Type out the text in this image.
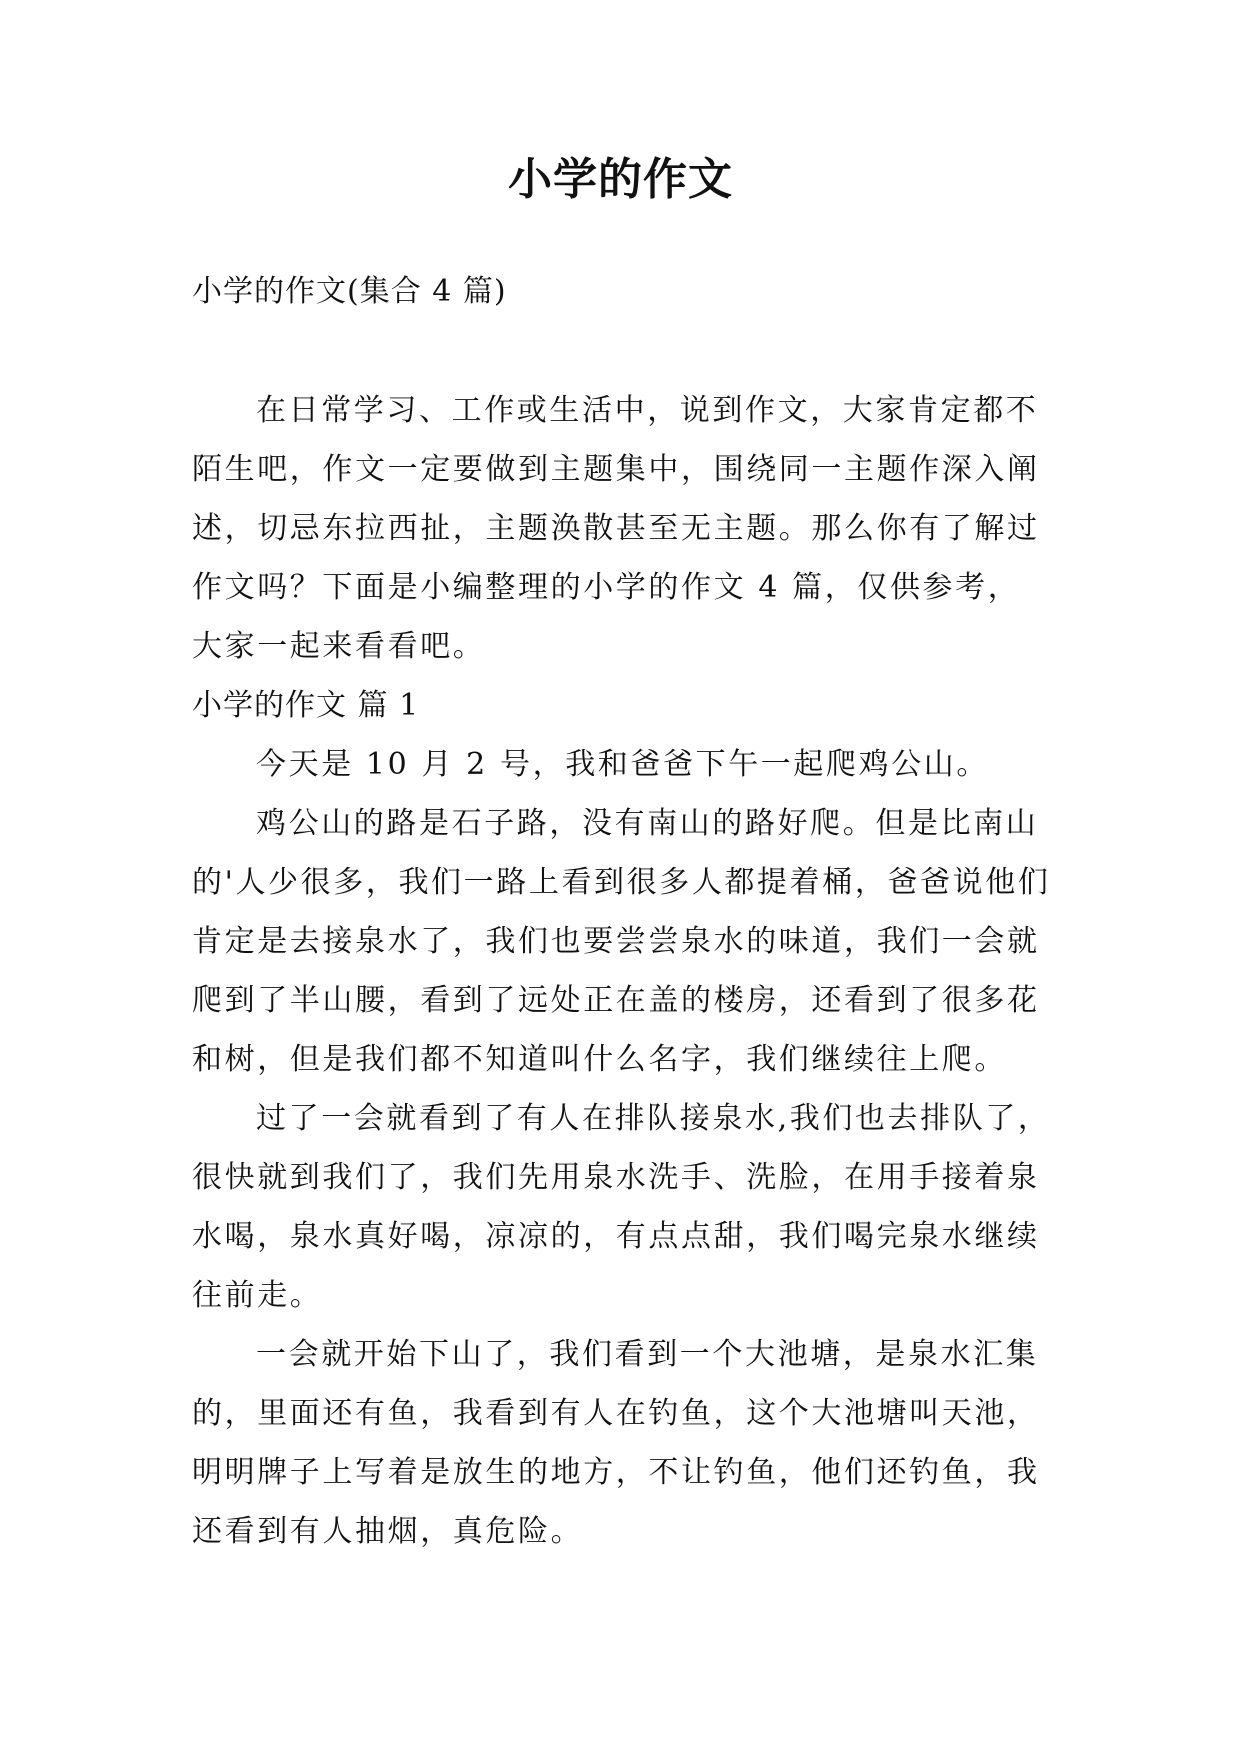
小学的作文

小学的作文(集合 4 篇)

在日常学习、工作或生活中，说到作文，大家肯定都不陌生吧，作文一定要做到主题集中，围绕同一主题作深入阐述，切忌东拉西扯，主题涣散甚至无主题。那么你有了解过作文吗？下面是小编整理的小学的作文 4 篇，仅供参考，大家一起来看看吧。

小学的作文 篇 1

今天是 10 月 2 号，我和爸爸下午一起爬鸡公山。

鸡公山的路是石子路，没有南山的路好爬。但是比南山的'人少很多，我们一路上看到很多人都提着桶，爸爸说他们肯定是去接泉水了，我们也要尝尝泉水的味道，我们一会就爬到了半山腰，看到了远处正在盖的楼房，还看到了很多花和树，但是我们都不知道叫什么名字，我们继续往上爬。

过了一会就看到了有人在排队接泉水,我们也去排队了，很快就到我们了，我们先用泉水洗手、洗脸，在用手接着泉水喝，泉水真好喝，凉凉的，有点点甜，我们喝完泉水继续往前走。

一会就开始下山了，我们看到一个大池塘，是泉水汇集的，里面还有鱼，我看到有人在钓鱼，这个大池塘叫天池，明明牌子上写着是放生的地方，不让钓鱼，他们还钓鱼，我还看到有人抽烟，真危险。
